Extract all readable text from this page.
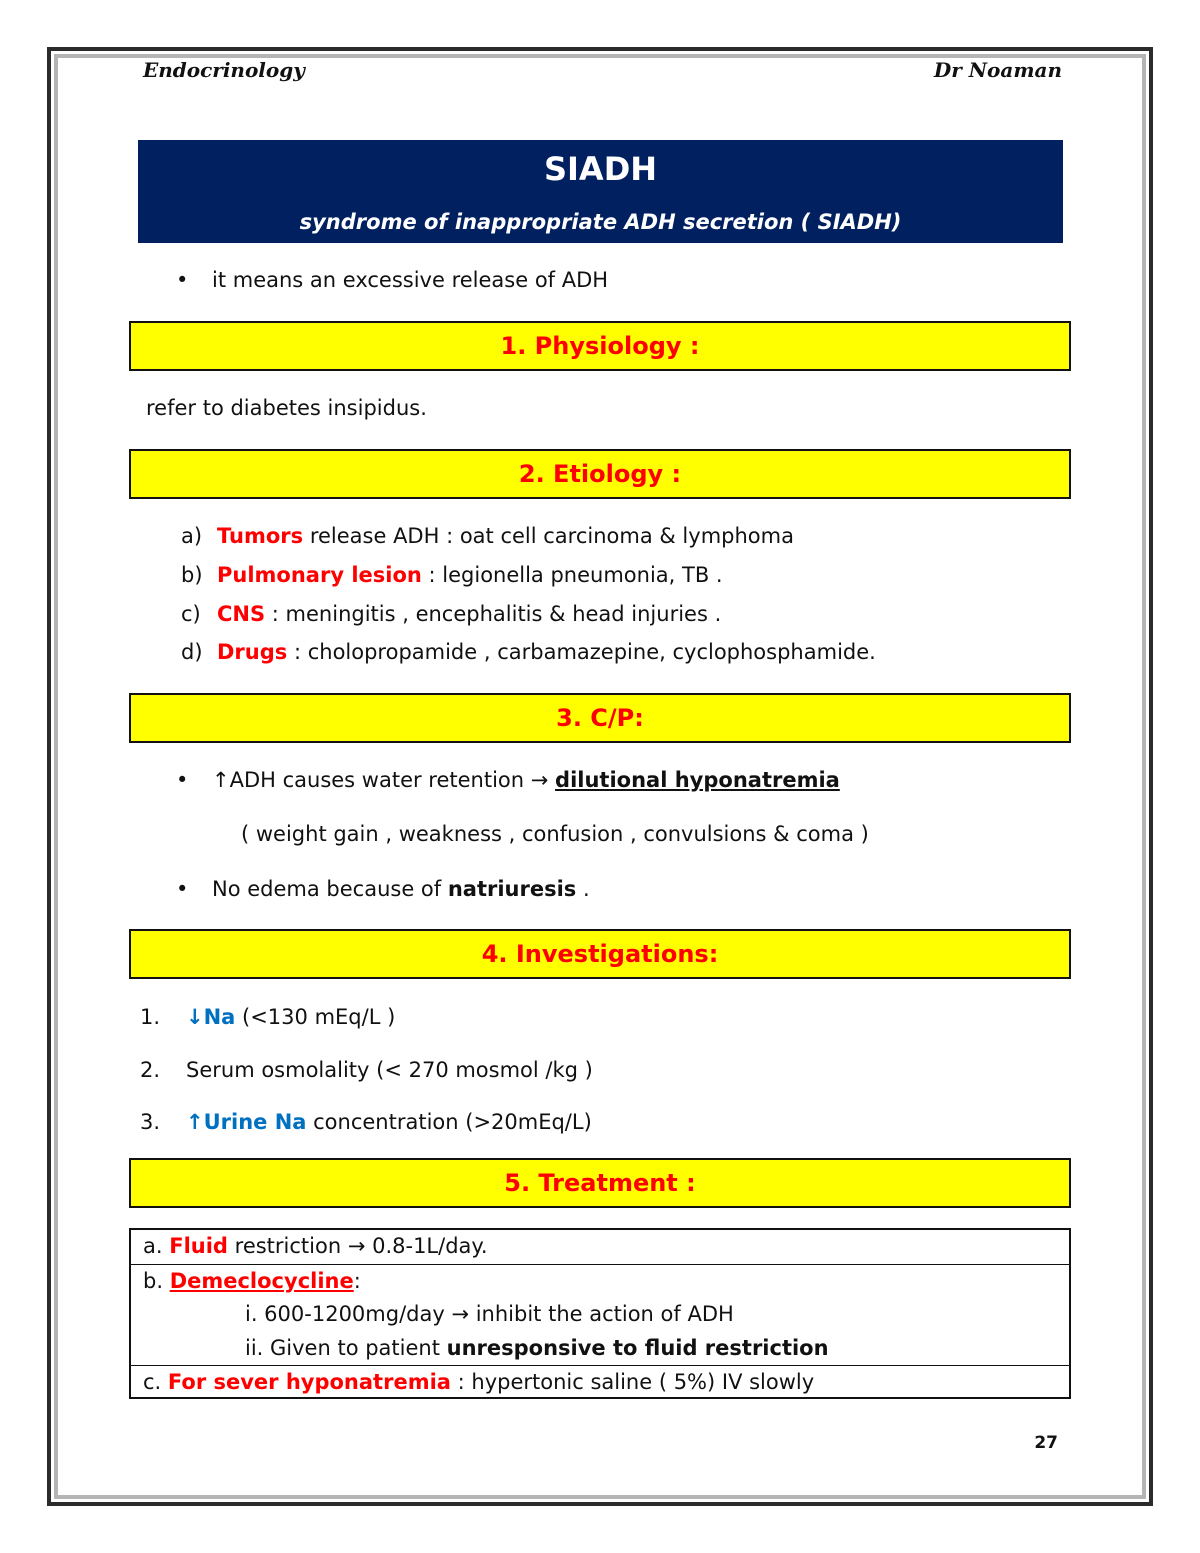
Endocrinology	Dr Noaman
SIADH
syndrome of inappropriate ADH secretion ( SIADH)
• it means an excessive release of ADH
1. Physiology :
refer to diabetes insipidus.
2. Etiology :
a) Tumors release ADH : oat cell carcinoma & lymphoma
b) Pulmonary lesion : legionella pneumonia, TB .
c) CNS : meningitis , encephalitis & head injuries .
d) Drugs : cholopropamide , carbamazepine, cyclophosphamide.
3. C/P:
• ↑ADH causes water retention → dilutional hyponatremia
( weight gain , weakness , confusion , convulsions & coma )
• No edema because of natriuresis .
4. Investigations:
1. ↓Na (<130 mEq/L )
2. Serum osmolality (< 270 mosmol /kg )
3. ↑Urine Na concentration (>20mEq/L)
5. Treatment :
a. Fluid restriction → 0.8-1L/day.
b. Demeclocycline:
i. 600-1200mg/day → inhibit the action of ADH
ii. Given to patient unresponsive to fluid restriction
c. For sever hyponatremia : hypertonic saline ( 5%) IV slowly
27
